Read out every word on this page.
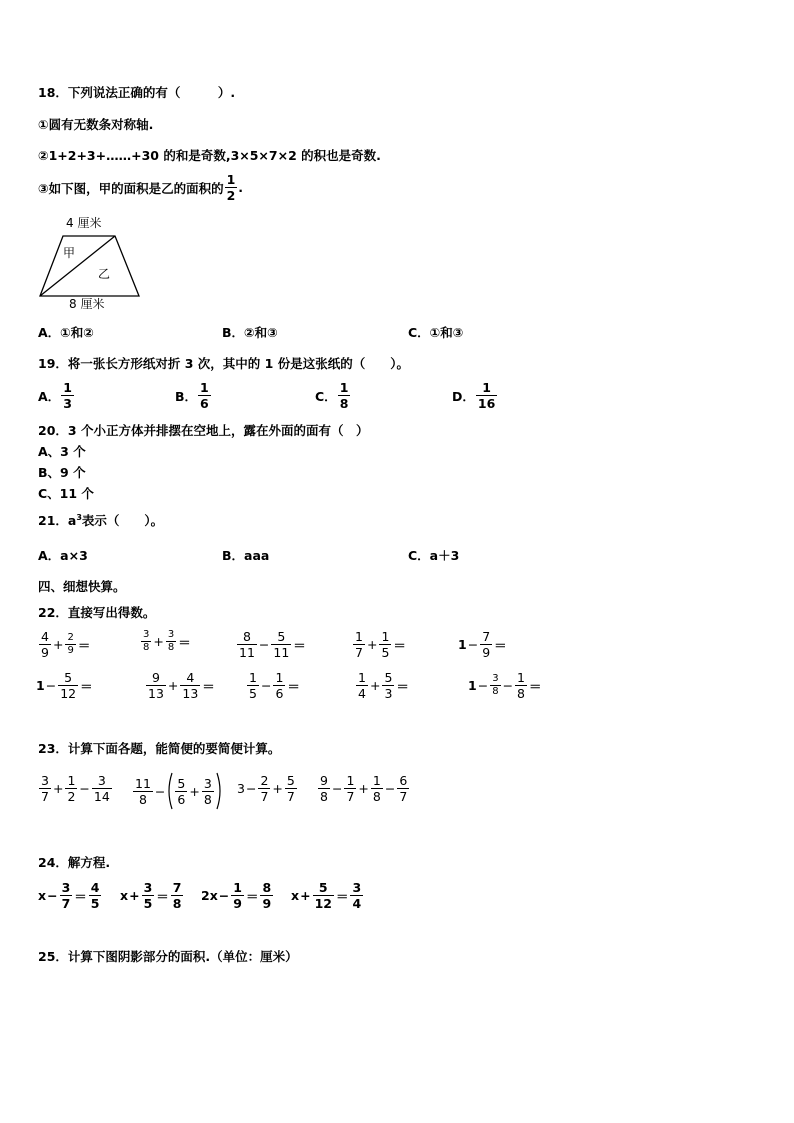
18．下列说法正确的有（　　　）.
①圆有无数条对称轴.
②1+2+3+……+30 的和是奇数,3×5×7×2 的积也是奇数.
③如下图，甲的面积是乙的面积的 $\frac{1}{2}$ .
4 厘米
甲
乙
8 厘米
A．①和②	B．②和③	C．①和③
19．将一张长方形纸对折 3 次，其中的 1 份是这张纸的（　　）。
A． $\frac{1}{3}$	B． $\frac{1}{6}$	C． $\frac{1}{8}$	D． $\frac{1}{16}$
20．3 个小正方体并排摆在空地上，露在外面的面有（　）
A、3 个
B、9 个
C、11 个
21．$a^3$表示（　　）。
A．a×3	B．aaa	C．a＋3
四、细想快算。
22．直接写出得数。
$\frac{4}{9} + \frac{2}{9}$ ＝	$\frac{3}{8} + \frac{3}{8}$ ＝	$\frac{8}{11} - \frac{5}{11}$ ＝	$\frac{1}{7} + \frac{1}{5}$ ＝	$1 - \frac{7}{9}$ ＝
$1 - \frac{5}{12}$ ＝	$\frac{9}{13} + \frac{4}{13}$ ＝	$\frac{1}{5} - \frac{1}{6}$ ＝	$\frac{1}{4} + \frac{5}{3}$ ＝	$1 - \frac{3}{8} - \frac{1}{8}$ ＝
23．计算下面各题，能简便的要简便计算。
$\frac{3}{7} + \frac{1}{2} - \frac{3}{14} \frac{11}{8} - \frac{5}{6} + \frac{3}{8} 3 - \frac{2}{7} + \frac{5}{7} \frac{9}{8} - \frac{1}{7} + \frac{1}{8} - \frac{6}{7}$
24．解方程.
$x - \frac{3}{7} = \frac{4}{5}$ $x + \frac{3}{5} = \frac{7}{8} 2x - \frac{1}{9} = \frac{8}{9}$ $x + \frac{5}{12} = \frac{3}{4}$
25．计算下图阴影部分的面积.（单位：厘米）
